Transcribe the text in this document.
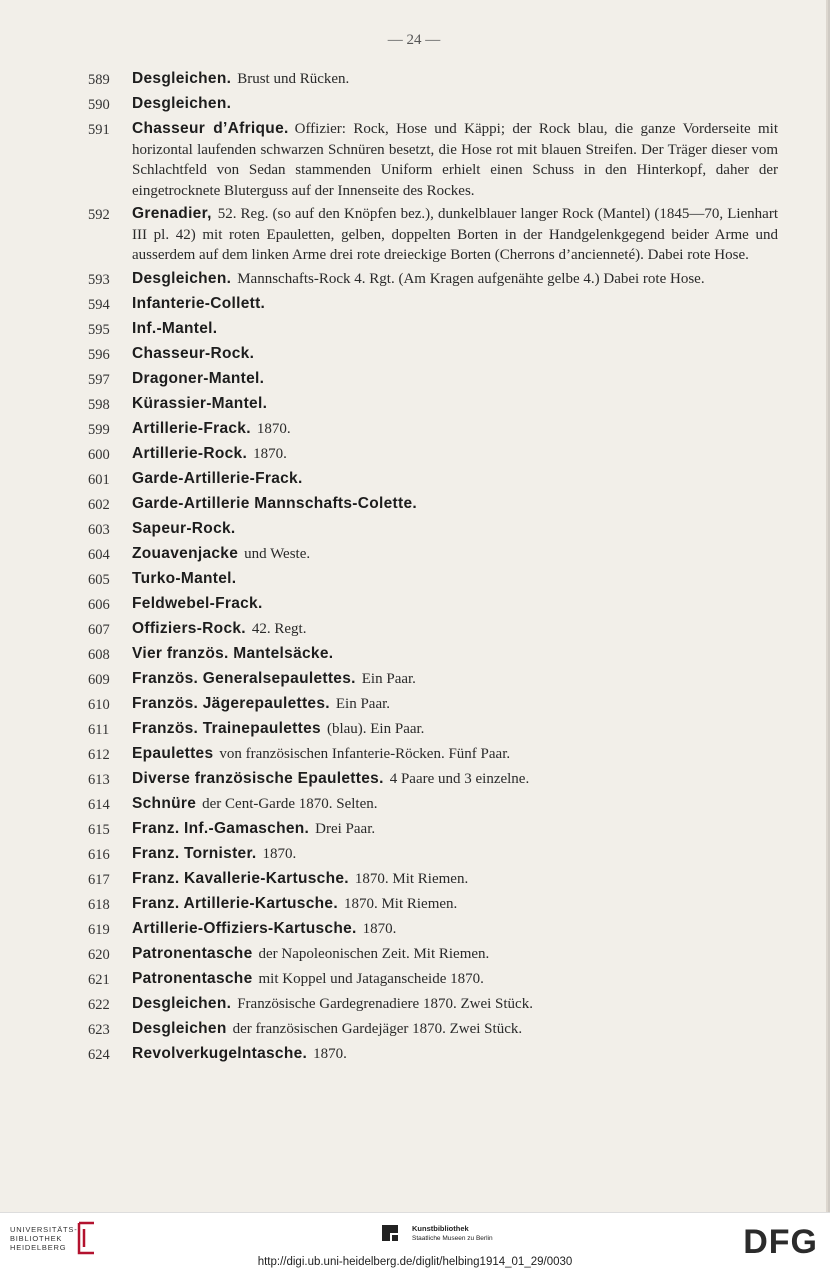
— 24 —
589	Desgleichen. Brust und Rücken.
590	Desgleichen.
591	Chasseur d’Afrique. Offizier: Rock, Hose und Käppi; der Rock blau, die ganze Vorderseite mit horizontal laufenden schwarzen Schnüren besetzt, die Hose rot mit blauen Streifen. Der Träger dieser vom Schlachtfeld von Sedan stammenden Uniform erhielt einen Schuss in den Hinterkopf, daher der eingetrocknete Bluterguss auf der Innenseite des Rockes.
592	Grenadier, 52. Reg. (so auf den Knöpfen bez.), dunkelblauer langer Rock (Mantel) (1845—70, Lienhart III pl. 42) mit roten Epauletten, gelben, doppelten Borten in der Handgelenkgegend beider Arme und ausserdem auf dem linken Arme drei rote dreieckige Borten (Cherrons d’ancienneté). Dabei rote Hose.
593	Desgleichen. Mannschafts-Rock 4. Rgt. (Am Kragen aufgenähte gelbe 4.) Dabei rote Hose.
594	Infanterie-Collett.
595	Inf.-Mantel.
596	Chasseur-Rock.
597	Dragoner-Mantel.
598	Kürassier-Mantel.
599	Artillerie-Frack. 1870.
600	Artillerie-Rock. 1870.
601	Garde-Artillerie-Frack.
602	Garde-Artillerie Mannschafts-Colette.
603	Sapeur-Rock.
604	Zouavenjacke und Weste.
605	Turko-Mantel.
606	Feldwebel-Frack.
607	Offiziers-Rock. 42. Regt.
608	Vier französ. Mantelsäcke.
609	Französ. Generalsepaulettes. Ein Paar.
610	Französ. Jägerepaulettes. Ein Paar.
611	Französ. Trainepaulettes (blau). Ein Paar.
612	Epaulettes von französischen Infanterie-Röcken. Fünf Paar.
613	Diverse französische Epaulettes. 4 Paare und 3 einzelne.
614	Schnüre der Cent-Garde 1870. Selten.
615	Franz. Inf.-Gamaschen. Drei Paar.
616	Franz. Tornister. 1870.
617	Franz. Kavallerie-Kartusche. 1870. Mit Riemen.
618	Franz. Artillerie-Kartusche. 1870. Mit Riemen.
619	Artillerie-Offiziers-Kartusche. 1870.
620	Patronentasche der Napoleonischen Zeit. Mit Riemen.
621	Patronentasche mit Koppel und Jataganscheide 1870.
622	Desgleichen. Französische Gardegrenadiere 1870. Zwei Stück.
623	Desgleichen der französischen Gardejäger 1870. Zwei Stück.
624	Revolverkugelntasche. 1870.
UNIVERSITÄTS-
BIBLIOTHEK
HEIDELBERG
Kunstbibliothek
Staatliche Museen zu Berlin	DFG
http://digi.ub.uni-heidelberg.de/diglit/helbing1914_01_29/0030
